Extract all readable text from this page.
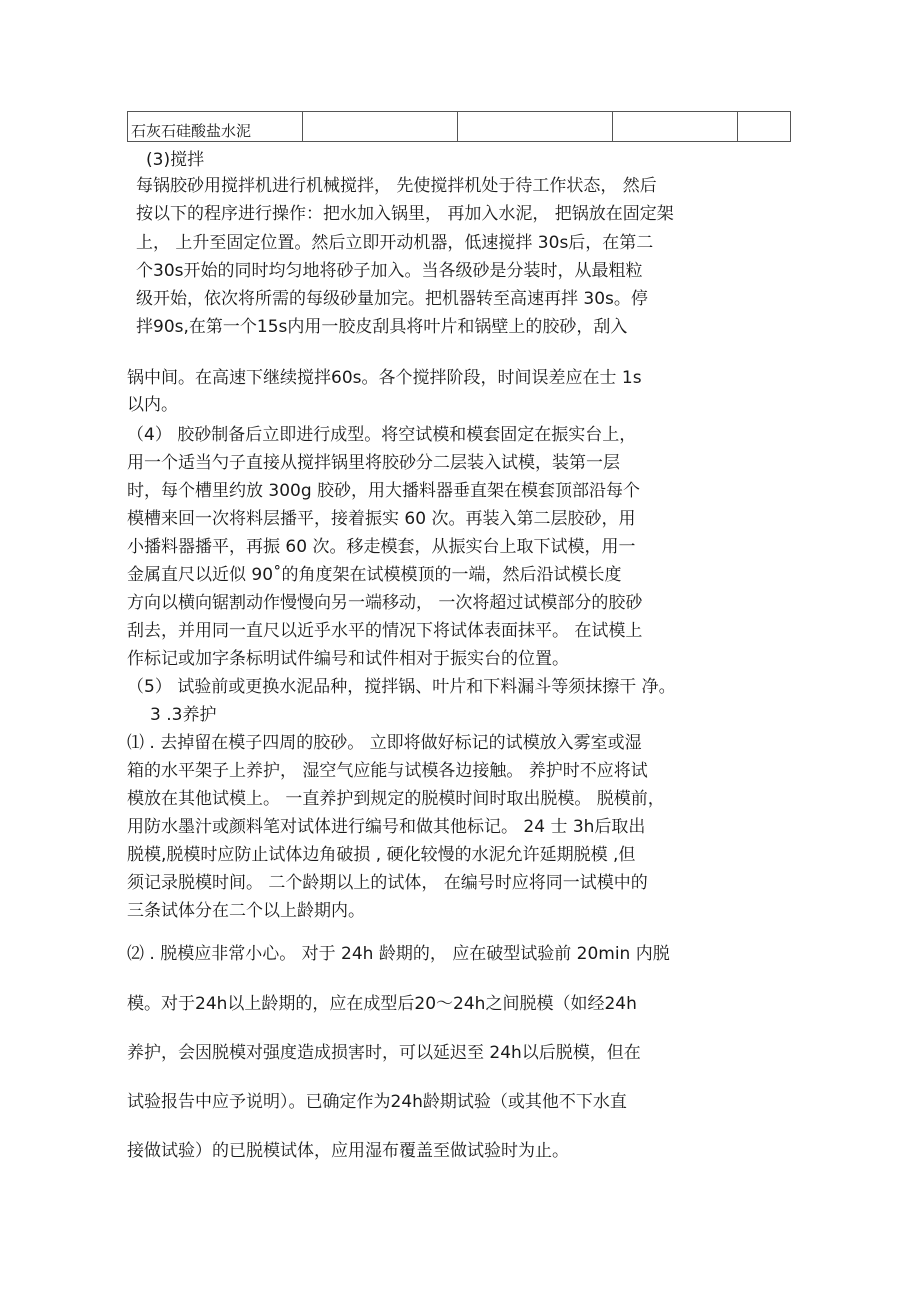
石灰石硅酸盐水泥				
(3)搅拌
每锅胶砂用搅拌机进行机械搅拌， 先使搅拌机处于待工作状态， 然后
按以下的程序进行操作：把水加入锅里， 再加入水泥， 把锅放在固定架
上， 上升至固定位置。然后立即开动机器，低速搅拌 30s后，在第二
个30s开始的同时均匀地将砂子加入。当各级砂是分装时，从最粗粒
级开始，依次将所需的每级砂量加完。把机器转至高速再拌 30s。停
拌90s,在第一个15s内用一胶皮刮具将叶片和锅壁上的胶砂，刮入
锅中间。在高速下继续搅拌60s。各个搅拌阶段，时间误差应在士 1s
以内。
（4） 胶砂制备后立即进行成型。将空试模和模套固定在振实台上，
用一个适当勺子直接从搅拌锅里将胶砂分二层装入试模，装第一层
时，每个槽里约放 300g 胶砂，用大播料器垂直架在模套顶部沿每个
模槽来回一次将料层播平，接着振实 60 次。再装入第二层胶砂，用
小播料器播平，再振 60 次。移走模套，从振实台上取下试模，用一
金属直尺以近似 90˚的角度架在试模模顶的一端，然后沿试模长度
方向以横向锯割动作慢慢向另一端移动， 一次将超过试模部分的胶砂
刮去，并用同一直尺以近乎水平的情况下将试体表面抹平。 在试模上
作标记或加字条标明试件编号和试件相对于振实台的位置。
（5） 试验前或更换水泥品种，搅拌锅、叶片和下料漏斗等须抹擦干 净。
3 .3养护
⑴ . 去掉留在模子四周的胶砂。 立即将做好标记的试模放入雾室或湿
箱的水平架子上养护， 湿空气应能与试模各边接触。 养护时不应将试
模放在其他试模上。 一直养护到规定的脱模时间时取出脱模。 脱模前，
用防水墨汁或颜料笔对试体进行编号和做其他标记。 24 士 3h后取出
脱模,脱模时应防止试体边角破损 , 硬化较慢的水泥允许延期脱模 ,但
须记录脱模时间。 二个龄期以上的试体， 在编号时应将同一试模中的
三条试体分在二个以上龄期内。
⑵ . 脱模应非常小心。 对于 24h 龄期的， 应在破型试验前 20min 内脱
模。对于24h以上龄期的，应在成型后20～24h之间脱模（如经24h
养护，会因脱模对强度造成损害时，可以延迟至 24h以后脱模，但在
试验报告中应予说明）。已确定作为24h龄期试验（或其他不下水直
接做试验）的已脱模试体，应用湿布覆盖至做试验时为止。
